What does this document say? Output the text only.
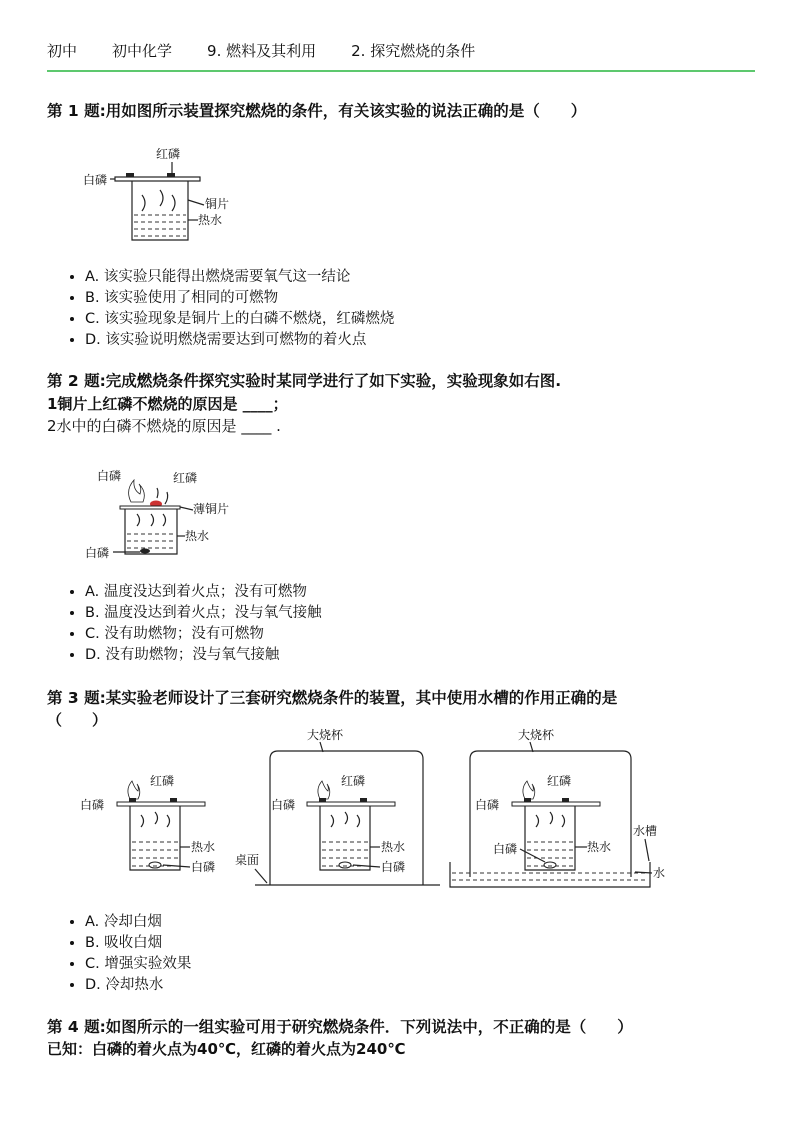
初中 初中化学 9. 燃料及其利用 2. 探究燃烧的条件
第 1 题:用如图所示装置探究燃烧的条件，有关该实验的说法正确的是（　　）
红磷
白磷
铜片
热水
• A. 该实验只能得出燃烧需要氧气这一结论
• B. 该实验使用了相同的可燃物
• C. 该实验现象是铜片上的白磷不燃烧，红磷燃烧
• D. 该实验说明燃烧需要达到可燃物的着火点
第 2 题:完成燃烧条件探究实验时某同学进行了如下实验，实验现象如右图.
1铜片上红磷不燃烧的原因是 ____；
2水中的白磷不燃烧的原因是 ____ .
白磷	红磷
薄铜片
热水
白磷
• A. 温度没达到着火点；没有可燃物
• B. 温度没达到着火点；没与氧气接触
• C. 没有助燃物；没有可燃物
• D. 没有助燃物；没与氧气接触
第 3 题:某实验老师设计了三套研究燃烧条件的装置，其中使用水槽的作用正确的是
（　　）
红磷
白磷
热水
白磷
大烧杯
桌面
红磷
白磷
热水
白磷
大烧杯
水槽
水
红磷
白磷
白磷	热水
• A. 冷却白烟
• B. 吸收白烟
• C. 增强实验效果
• D. 冷却热水
第 4 题:如图所示的一组实验可用于研究燃烧条件．下列说法中，不正确的是（　　）
已知：白磷的着火点为40℃，红磷的着火点为240℃
